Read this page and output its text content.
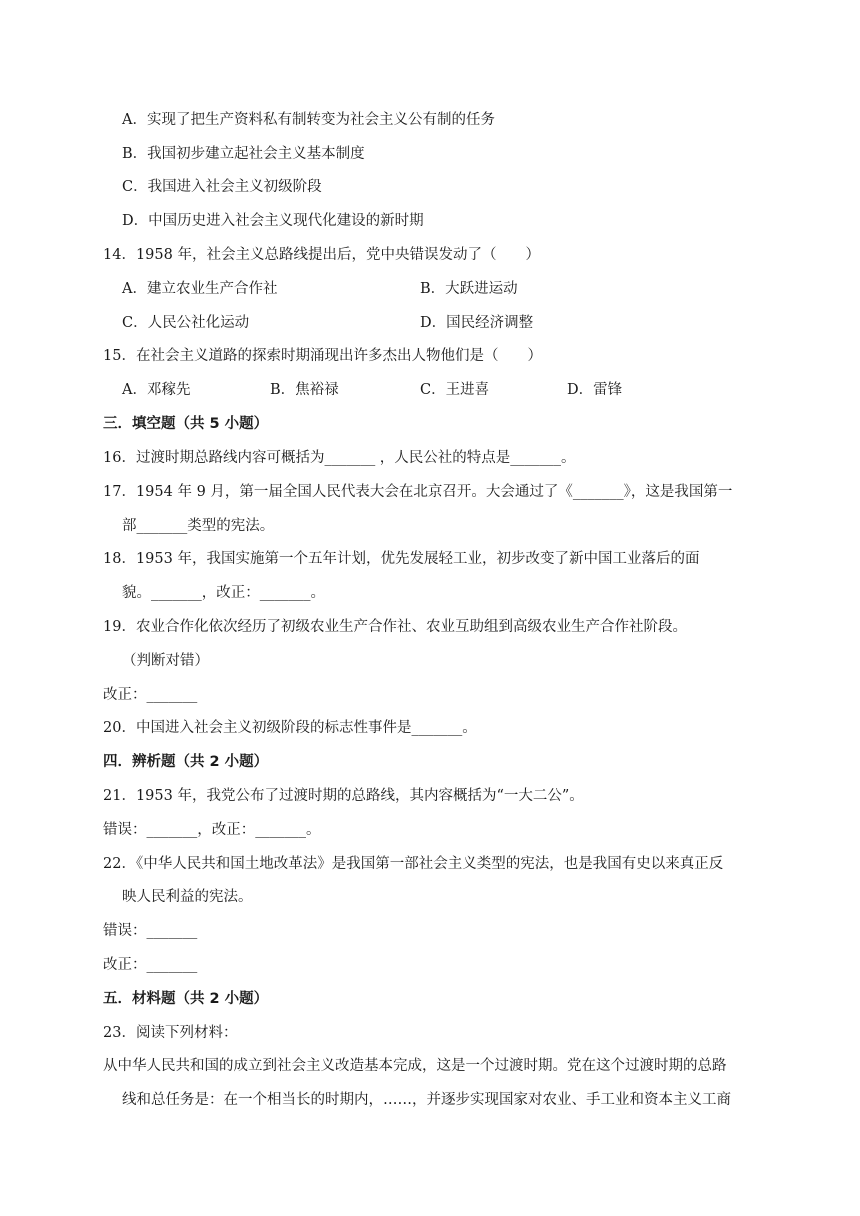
A．实现了把生产资料私有制转变为社会主义公有制的任务
B．我国初步建立起社会主义基本制度
C．我国进入社会主义初级阶段
D．中国历史进入社会主义现代化建设的新时期
14．1958 年，社会主义总路线提出后，党中央错误发动了（　　）
A．建立农业生产合作社	B．大跃进运动
C．人民公社化运动	D．国民经济调整
15．在社会主义道路的探索时期涌现出许多杰出人物他们是（　　）
A．邓稼先	B．焦裕禄	C．王进喜	D．雷锋
三．填空题（共 5 小题）
16．过渡时期总路线内容可概括为_______ ，人民公社的特点是_______。
17．1954 年 9 月，第一届全国人民代表大会在北京召开。大会通过了《_______》，这是我国第一
部_______类型的宪法。
18．1953 年，我国实施第一个五年计划，优先发展轻工业，初步改变了新中国工业落后的面
貌。_______，改正：_______。
19．农业合作化依次经历了初级农业生产合作社、农业互助组到高级农业生产合作社阶段。
（判断对错）
改正：_______
20．中国进入社会主义初级阶段的标志性事件是_______。
四．辨析题（共 2 小题）
21．1953 年，我党公布了过渡时期的总路线，其内容概括为“一大二公”。
错误：_______，改正：_______。
22．《中华人民共和国土地改革法》是我国第一部社会主义类型的宪法，也是我国有史以来真正反
映人民利益的宪法。
错误：_______
改正：_______
五．材料题（共 2 小题）
23．阅读下列材料：
从中华人民共和国的成立到社会主义改造基本完成，这是一个过渡时期。党在这个过渡时期的总路
线和总任务是：在一个相当长的时期内，……，并逐步实现国家对农业、手工业和资本主义工商
